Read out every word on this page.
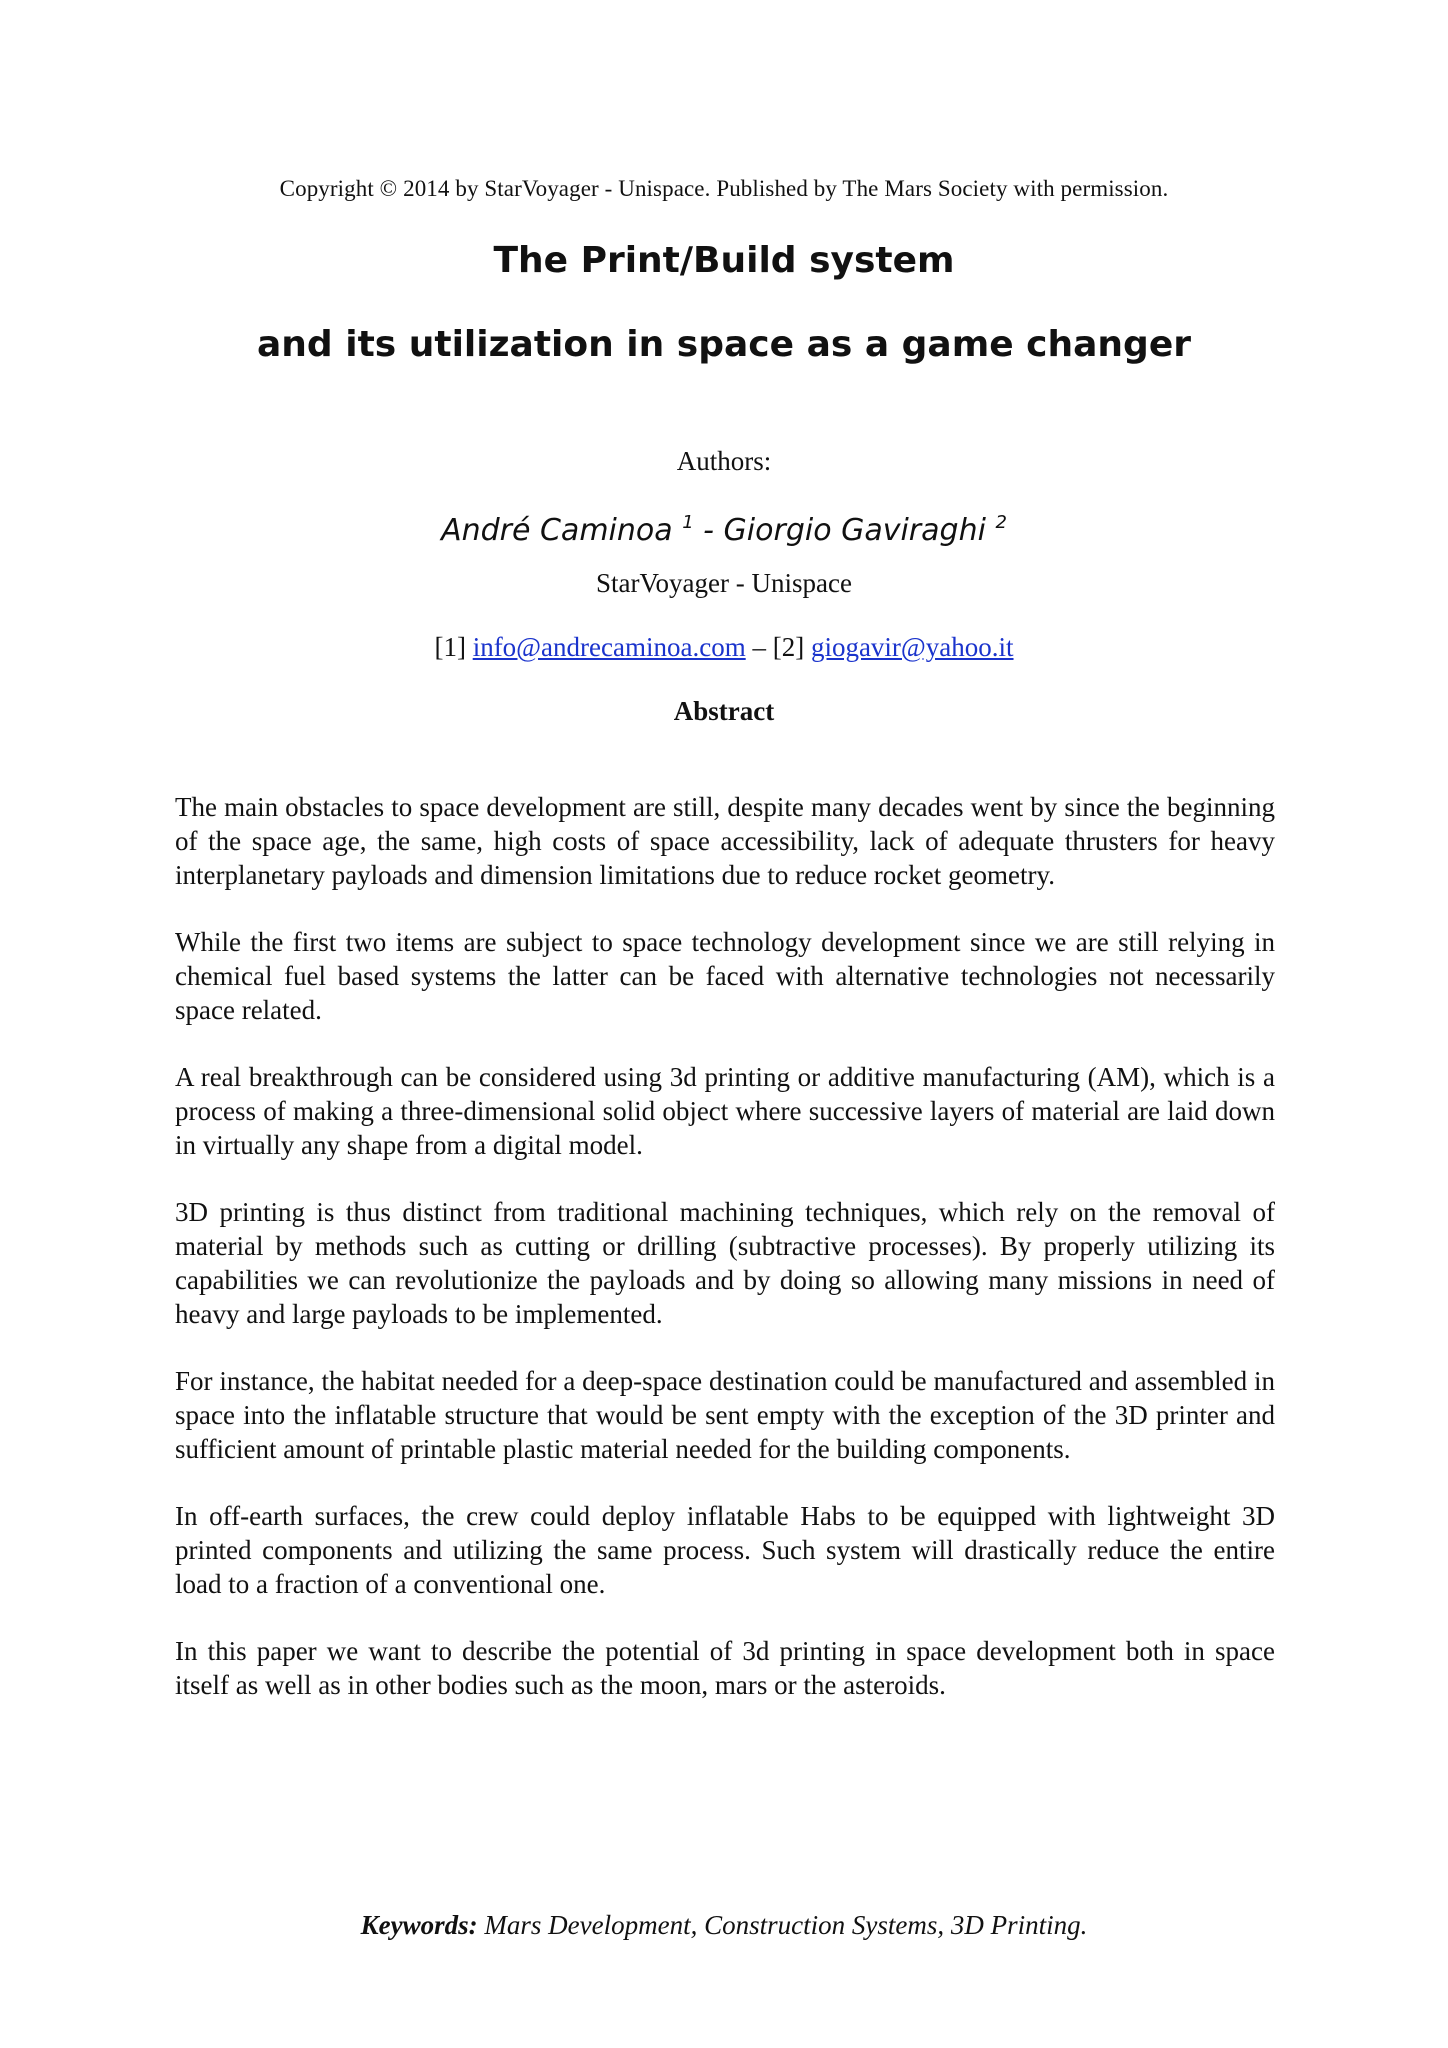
Copyright © 2014 by StarVoyager - Unispace. Published by The Mars Society with permission.
The Print/Build system
and its utilization in space as a game changer
Authors:
André Caminoa $^1$ - Giorgio Gaviraghi $^2$
StarVoyager - Unispace
[1] info@andrecaminoa.com – [2] giogavir@yahoo.it
Abstract

The main obstacles to space development are still, despite many decades went by since the beginning of the space age, the same, high costs of space accessibility, lack of adequate thrusters for heavy interplanetary payloads and dimension limitations due to reduce rocket geometry.

While the first two items are subject to space technology development since we are still relying in chemical fuel based systems the latter can be faced with alternative technologies not necessarily space related.

A real breakthrough can be considered using 3d printing or additive manufacturing (AM), which is a process of making a three-dimensional solid object where successive layers of material are laid down in virtually any shape from a digital model.

3D printing is thus distinct from traditional machining techniques, which rely on the removal of material by methods such as cutting or drilling (subtractive processes). By properly utilizing its capabilities we can revolutionize the payloads and by doing so allowing many missions in need of heavy and large payloads to be implemented.

For instance, the habitat needed for a deep-space destination could be manufactured and assembled in space into the inflatable structure that would be sent empty with the exception of the 3D printer and sufficient amount of printable plastic material needed for the building components.

In off-earth surfaces, the crew could deploy inflatable Habs to be equipped with lightweight 3D printed components and utilizing the same process. Such system will drastically reduce the entire load to a fraction of a conventional one.

In this paper we want to describe the potential of 3d printing in space development both in space itself as well as in other bodies such as the moon, mars or the asteroids.

Keywords: Mars Development, Construction Systems, 3D Printing.
